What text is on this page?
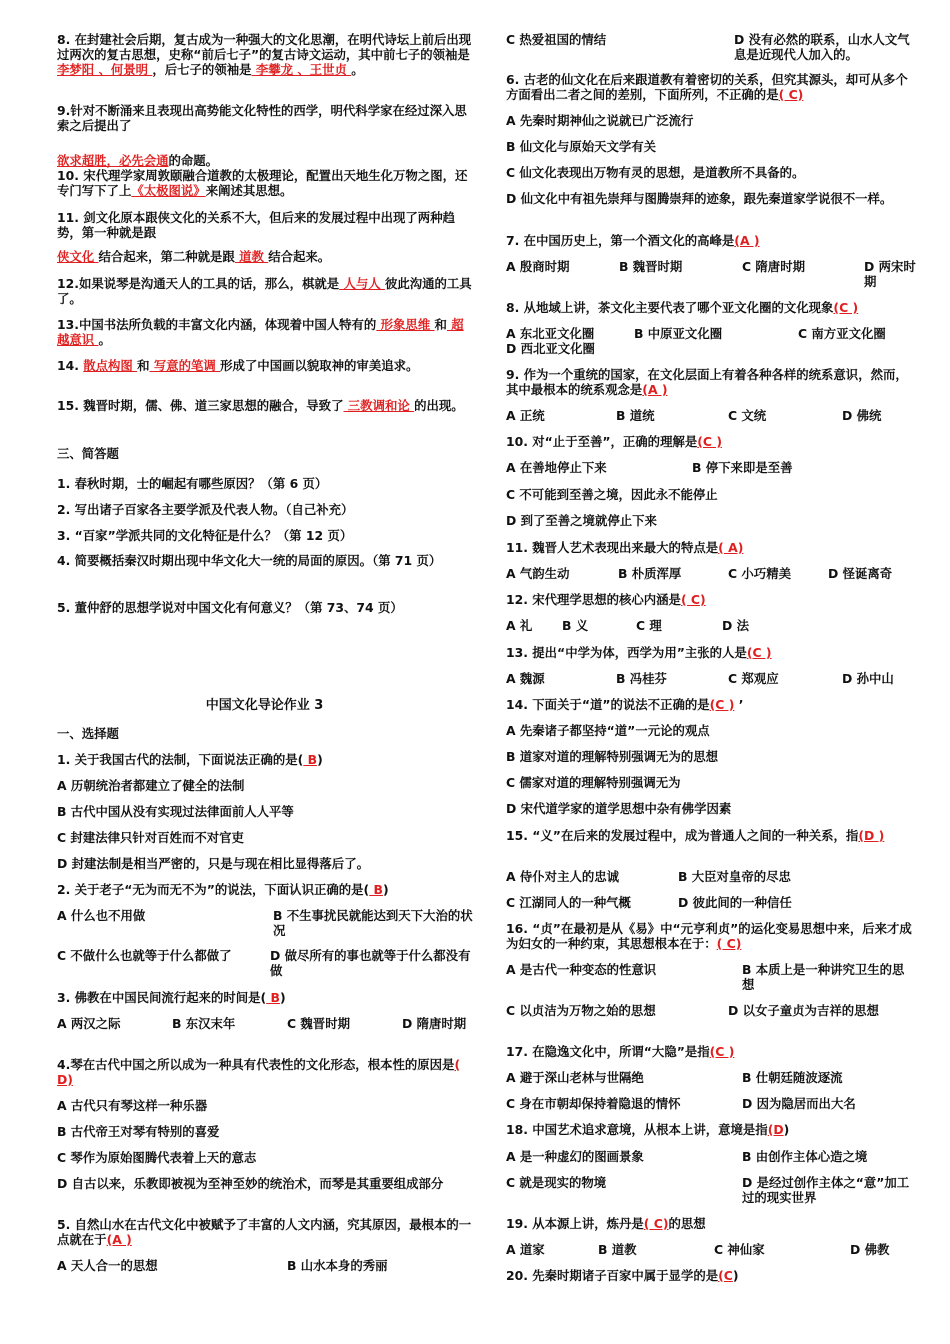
8. 在封建社会后期，复古成为一种强大的文化思潮，在明代诗坛上前后出现过两次的复古思想，史称“前后七子”的复古诗文运动，其中前七子的领袖是 李梦阳 、何景明 ，后七子的领袖是 李攀龙 、王世贞 。
9.针对不断涌来且表现出高势能文化特性的西学，明代科学家在经过深入思索之后提出了
欲求超胜，必先会通的命题。
10. 宋代理学家周敦颐融合道教的太极理论，配置出天地生化万物之图，还专门写下了上《太极图说》来阐述其思想。
11. 剑文化原本跟侠文化的关系不大，但后来的发展过程中出现了两种趋势，第一种就是跟
侠文化 结合起来，第二种就是跟 道教 结合起来。
12.如果说琴是沟通天人的工具的话，那么，棋就是 人与人 彼此沟通的工具了。
13.中国书法所负载的丰富文化内涵，体现着中国人特有的 形象思维 和 超越意识 。
14. 散点构图 和 写意的笔调 形成了中国画以貌取神的审美追求。
15. 魏晋时期，儒、佛、道三家思想的融合，导致了 三教调和论 的出现。
三、简答题
1. 春秋时期，士的崛起有哪些原因？（第 6 页）
2. 写出诸子百家各主要学派及代表人物。（自己补充）
3. “百家”学派共同的文化特征是什么？（第 12 页）
4. 简要概括秦汉时期出现中华文化大一统的局面的原因。（第 71 页）
5. 董仲舒的思想学说对中国文化有何意义？（第 73、74 页）
中国文化导论作业 3
一、选择题
1. 关于我国古代的法制，下面说法正确的是( B)
A 历朝统治者都建立了健全的法制
B 古代中国从没有实现过法律面前人人平等
C 封建法律只针对百姓而不对官吏
D 封建法制是相当严密的，只是与现在相比显得落后了。
2. 关于老子“无为而无不为”的说法，下面认识正确的是( B)
A 什么也不用做	B 不生事扰民就能达到天下大治的状况
C 不做什么也就等于什么都做了	D 做尽所有的事也就等于什么都没有做
3. 佛教在中国民间流行起来的时间是( B)
A 两汉之际	B 东汉末年	C 魏晋时期	D 隋唐时期
4.琴在古代中国之所以成为一种具有代表性的文化形态，根本性的原因是( D)
A 古代只有琴这样一种乐器
B 古代帝王对琴有特别的喜爱
C 琴作为原始图腾代表着上天的意志
D 自古以来，乐教即被视为至神至妙的统治术，而琴是其重要组成部分
5. 自然山水在古代文化中被赋予了丰富的人文内涵，究其原因，最根本的一点就在于(A )
A 天人合一的思想	B 山水本身的秀丽
C 热爱祖国的情结	D 没有必然的联系，山水人文气息是近现代人加入的。
6. 古老的仙文化在后来跟道教有着密切的关系，但究其源头，却可从多个方面看出二者之间的差别，下面所列，不正确的是( C)
A 先秦时期神仙之说就已广泛流行
B 仙文化与原始天文学有关
C 仙文化表现出万物有灵的思想，是道教所不具备的。
D 仙文化中有祖先崇拜与图腾崇拜的迹象，跟先秦道家学说很不一样。
7. 在中国历史上，第一个酒文化的高峰是(A )
A 殷商时期	B 魏晋时期	C 隋唐时期	D 两宋时期
8. 从地域上讲，茶文化主要代表了哪个亚文化圈的文化现象(C )
A 东北亚文化圈	B 中原亚文化圈	C 南方亚文化圈
D 西北亚文化圈
9. 作为一个重统的国家，在文化层面上有着各种各样的统系意识，然而，其中最根本的统系观念是(A )
A 正统	B 道统	C 文统	D 佛统
10. 对“止于至善”，正确的理解是(C )
A 在善地停止下来	B 停下来即是至善
C 不可能到至善之境，因此永不能停止
D 到了至善之境就停止下来
11. 魏晋人艺术表现出来最大的特点是( A)
A 气韵生动	B 朴质浑厚	C 小巧精美	D 怪诞离奇
12. 宋代理学思想的核心内涵是( C)
A 礼	B 义	C 理	D 法
13. 提出“中学为体，西学为用”主张的人是(C )
A 魏源	B 冯桂芬	C 郑观应	D 孙中山
14. 下面关于“道”的说法不正确的是(C ) ’
A 先秦诸子都坚持“道”一元论的观点
B 道家对道的理解特别强调无为的思想
C 儒家对道的理解特别强调无为
D 宋代道学家的道学思想中杂有佛学因素
15. “义”在后来的发展过程中，成为普通人之间的一种关系，指(D )
A 侍仆对主人的忠诚	B 大臣对皇帝的尽忠
C 江湖同人的一种气概	D 彼此间的一种信任
16. “贞”在最初是从《易》中“元亨利贞”的运化变易思想中来，后来才成为妇女的一种约束，其思想根本在于：( C)
A 是古代一种变态的性意识	B 本质上是一种讲究卫生的思想
C 以贞洁为万物之始的思想	D 以女子童贞为吉祥的思想
17. 在隐逸文化中，所谓“大隐”是指(C )
A 避于深山老林与世隔绝	B 仕朝廷随波逐流
C 身在市朝却保持着隐退的情怀	D 因为隐居而出大名
18. 中国艺术追求意境，从根本上讲，意境是指(D)
A 是一种虚幻的图画景象	B 由创作主体心造之境
C 就是现实的物境	D 是经过创作主体之“意”加工过的现实世界
19. 从本源上讲，炼丹是( C)的思想
A 道家	B 道教	C 神仙家	D 佛教
20. 先秦时期诸子百家中属于显学的是(C)
